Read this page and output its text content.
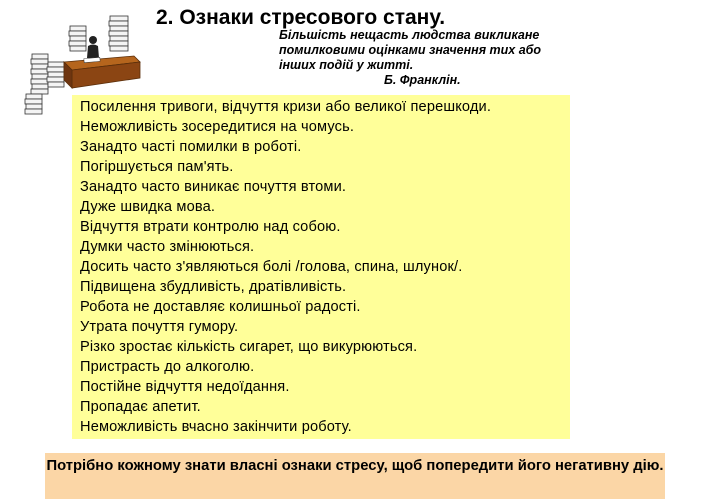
2. Ознаки стресового стану.
Більшість нещасть людства викликане
помилковими оцінками значення тих або
інших подій у житті.
Б. Франклін.
Посилення тривоги, відчуття кризи або великої перешкоди.
Неможливість зосередитися на чомусь.
Занадто часті помилки в роботі.
Погіршується пам'ять.
Занадто часто виникає почуття втоми.
Дуже швидка мова.
Відчуття втрати контролю над собою.
Думки часто змінюються.
Досить часто з'являються болі /голова, спина, шлунок/.
Підвищена збудливість, дратівливість.
Робота не доставляє колишньої радості.
Утрата почуття гумору.
Різко зростає кількість сигарет, що викурюються.
Пристрасть до алкоголю.
Постійне відчуття недоїдання.
Пропадає апетит.
Неможливість вчасно закінчити роботу.
Потрібно кожному знати власні ознаки стресу, щоб попередити його негативну дію.
